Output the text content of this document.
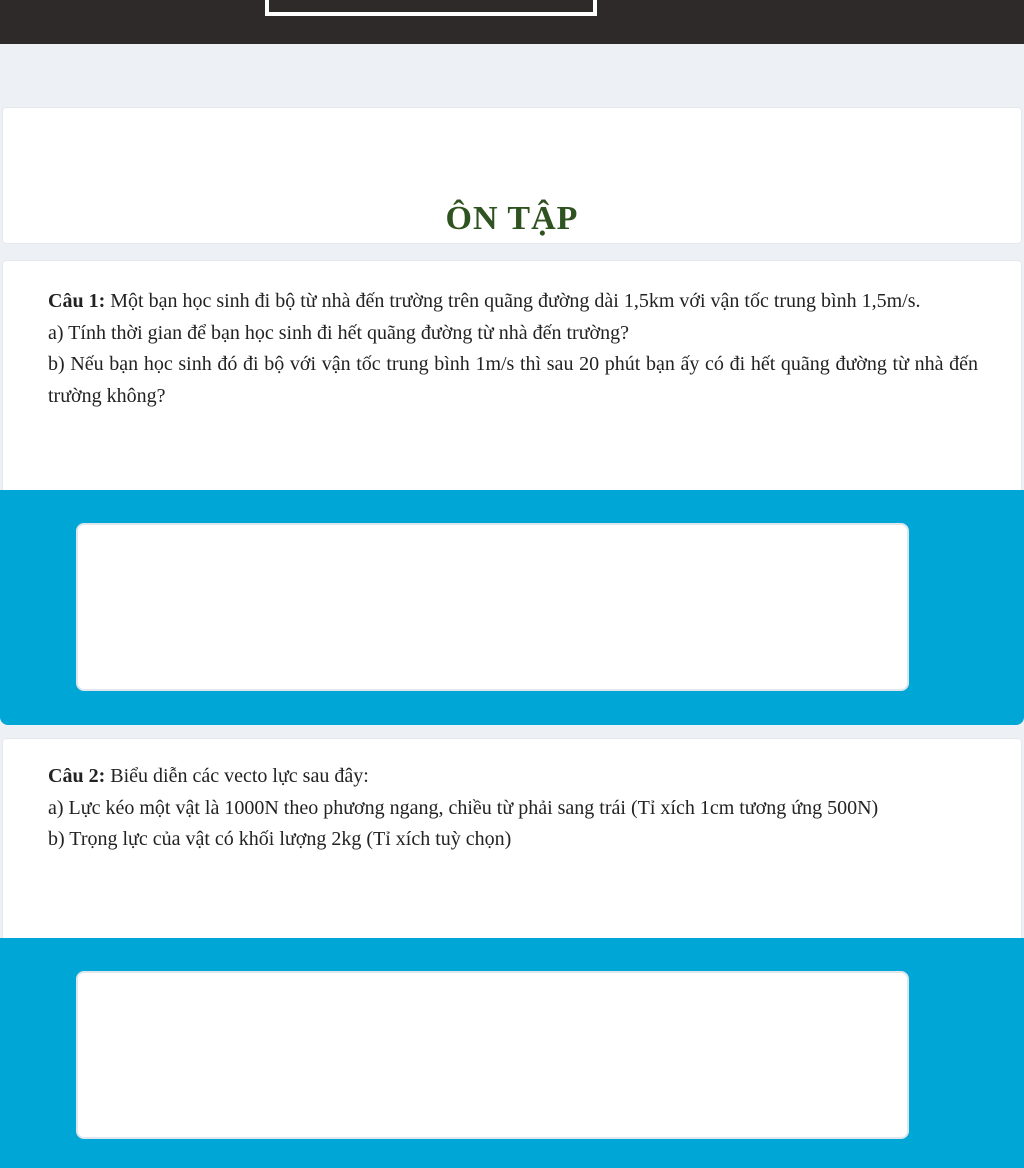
ÔN TẬP

Câu 1: Một bạn học sinh đi bộ từ nhà đến trường trên quãng đường dài 1,5km với vận tốc trung bình 1,5m/s.

a) Tính thời gian để bạn học sinh đi hết quãng đường từ nhà đến trường?

b) Nếu bạn học sinh đó đi bộ với vận tốc trung bình 1m/s thì sau 20 phút bạn ấy có đi hết quãng đường từ nhà đến trường không?

Câu 2: Biểu diễn các vecto lực sau đây:

a) Lực kéo một vật là 1000N theo phương ngang, chiều từ phải sang trái (Tỉ xích 1cm tương ứng 500N)

b) Trọng lực của vật có khối lượng 2kg (Tỉ xích tuỳ chọn)
